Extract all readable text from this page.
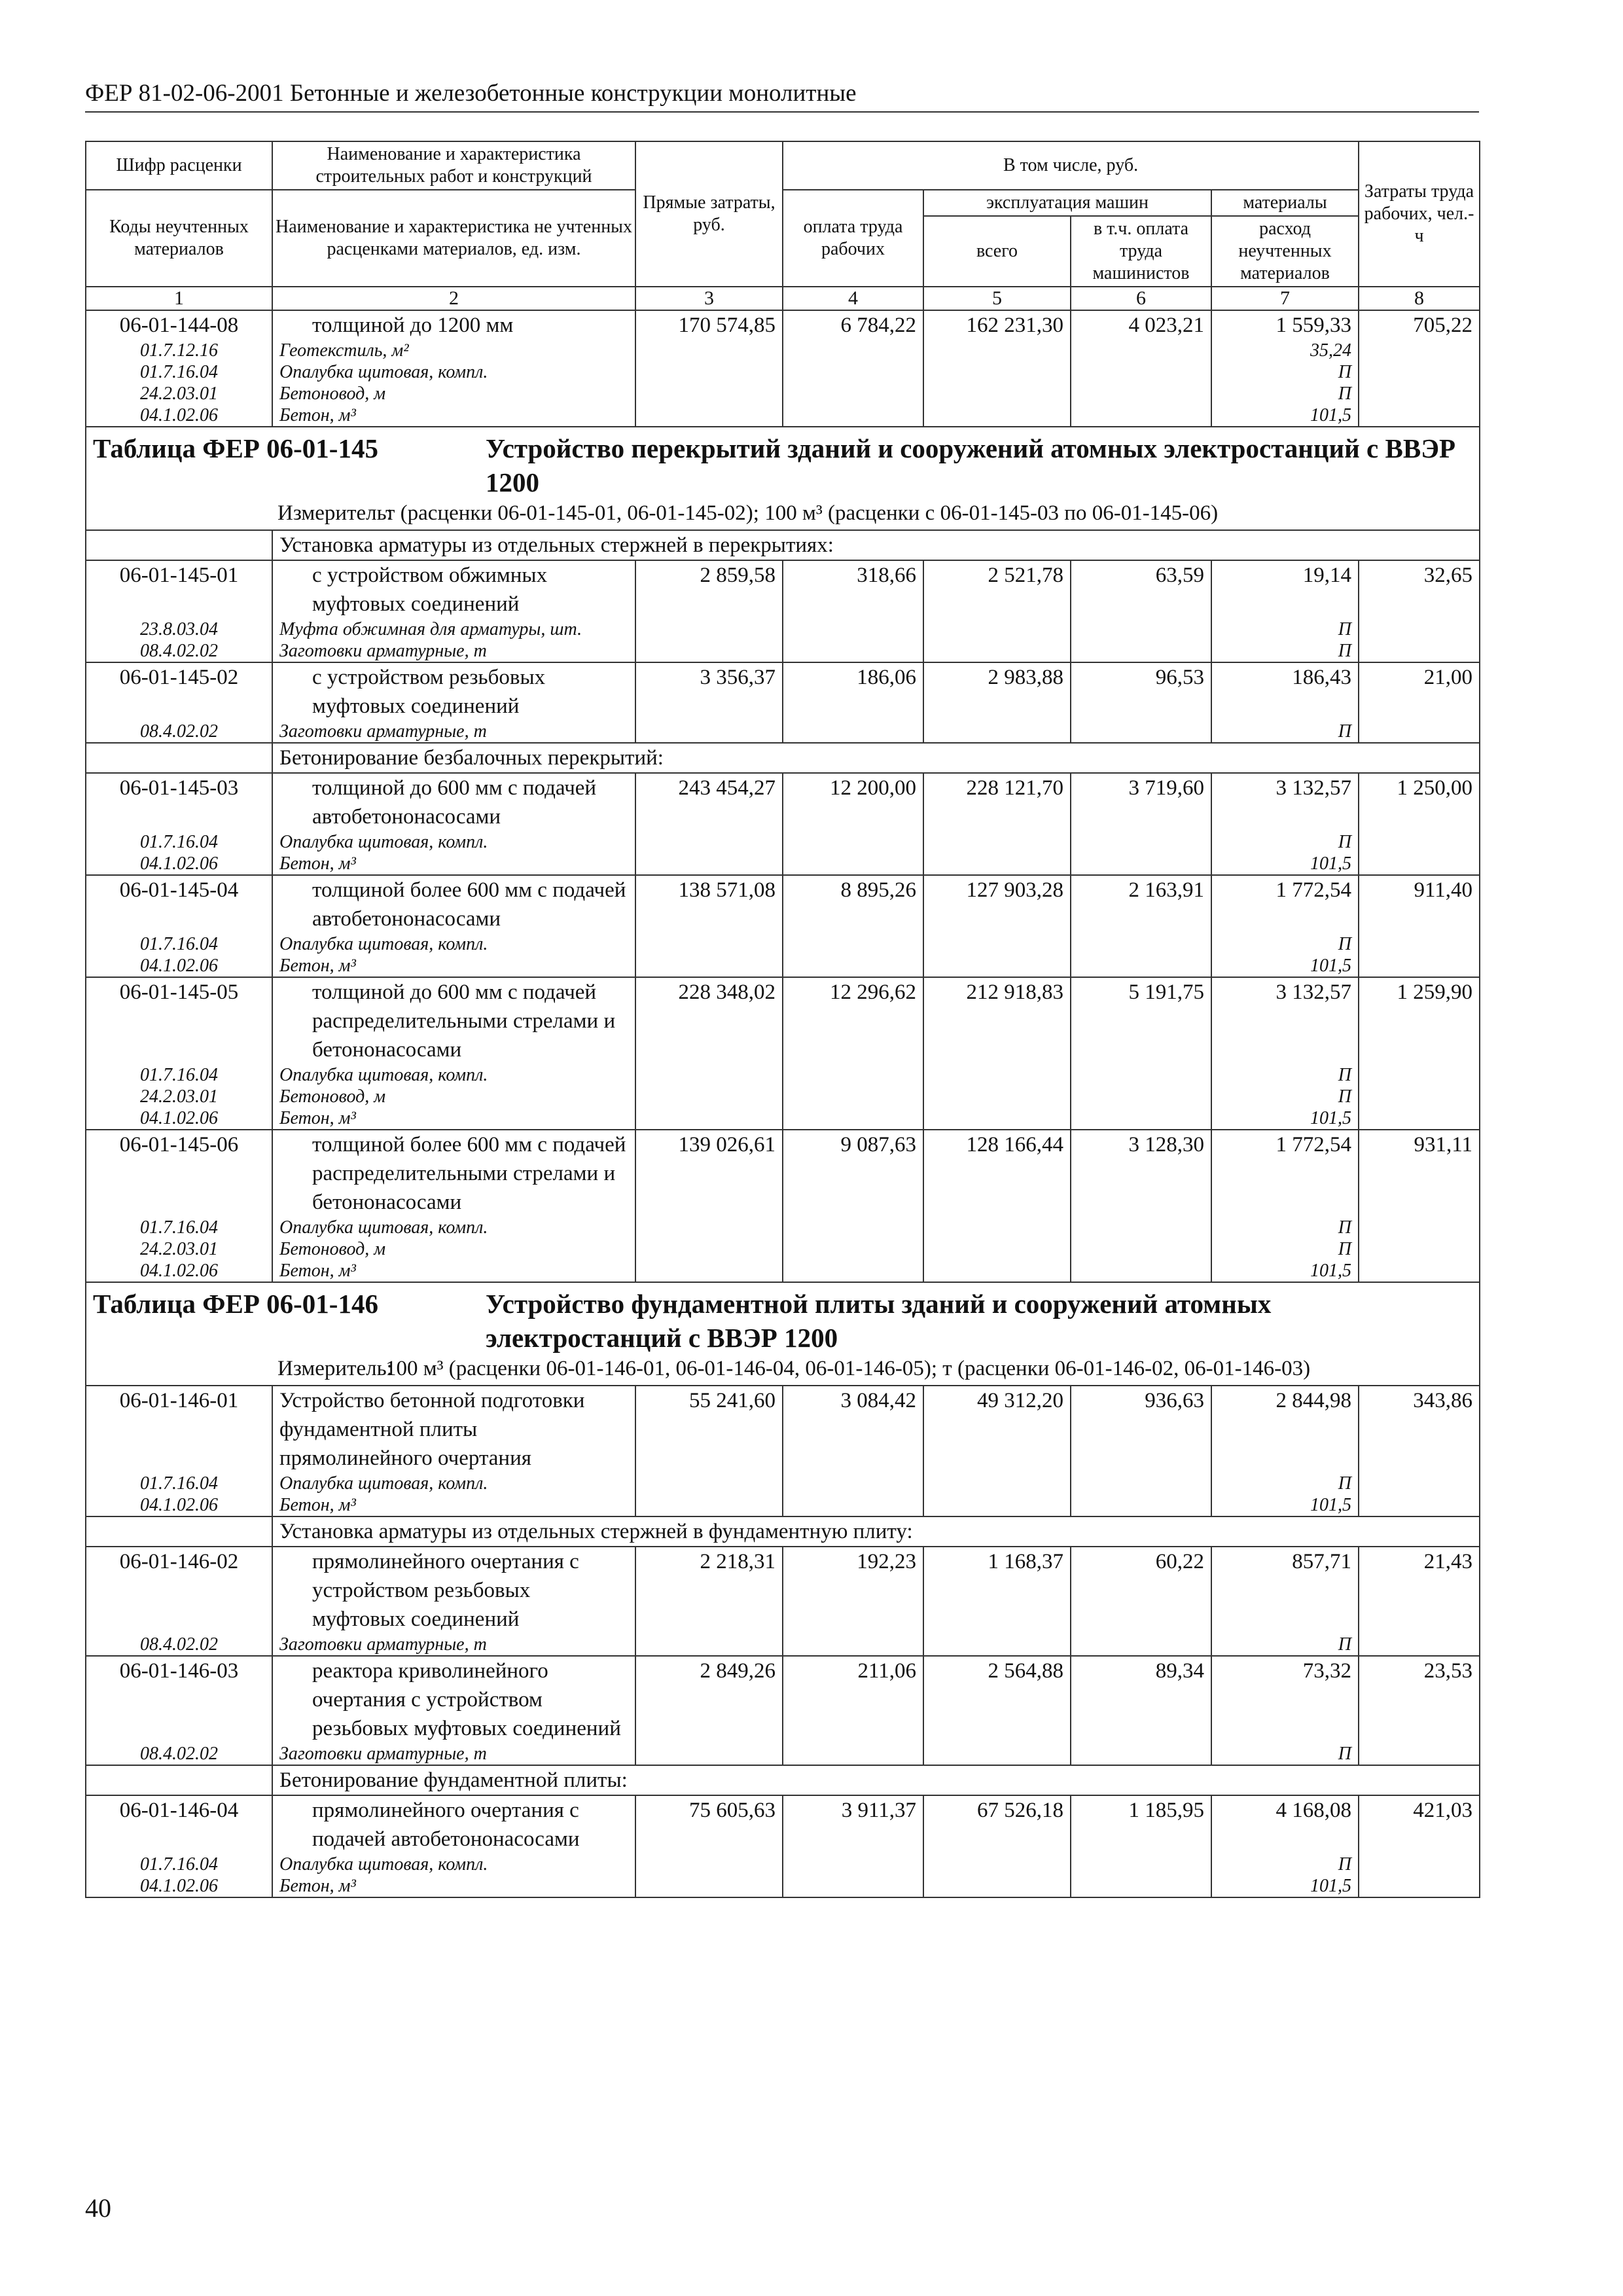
ФЕР 81-02-06-2001 Бетонные и железобетонные конструкции монолитные
Шифр расценки	Наименование и характеристика строительных работ и конструкций	Прямые затраты, руб.	В том числе, руб.				Затраты труда рабочих, чел.-ч
Коды неучтенных материалов	Наименование и характеристика не учтенных расценками материалов, ед. изм.		оплата труда рабочих	эксплуатация машин		материалы	
				всего	в т.ч. оплата труда машинистов	расход неучтенных материалов	
1	2	3	4	5	6	7	8
06-01-144-08	толщиной до 1200 мм	170 574,85	6 784,22	162 231,30	4 023,21	1 559,33	705,22
01.7.12.16	Геотекстиль, м²					35,24	
01.7.16.04	Опалубка щитовая, компл.					П	
24.2.03.01	Бетоновод, м					П	
04.1.02.06	Бетон, м³					101,5	

Таблица ФЕР 06-01-145 Устройство перекрытий зданий и сооружений атомных электростанций с ВВЭР 1200
Измеритель:
т (расценки 06-01-145-01, 06-01-145-02); 100 м³ (расценки с 06-01-145-03 по 06-01-145-06)							

	Установка арматуры из отдельных стержней в перекрытиях:						
06-01-145-01	с устройством обжимных муфтовых соединений	2 859,58	318,66	2 521,78	63,59	19,14	32,65
23.8.03.04	Муфта обжимная для арматуры, шт.					П	
08.4.02.02	Заготовки арматурные, т					П	
06-01-145-02	с устройством резьбовых муфтовых соединений	3 356,37	186,06	2 983,88	96,53	186,43	21,00
08.4.02.02	Заготовки арматурные, т					П	
	Бетонирование безбалочных перекрытий:						
06-01-145-03	толщиной до 600 мм с подачей автобетононасосами	243 454,27	12 200,00	228 121,70	3 719,60	3 132,57	1 250,00
01.7.16.04	Опалубка щитовая, компл.					П	
04.1.02.06	Бетон, м³					101,5	
06-01-145-04	толщиной более 600 мм с подачей автобетононасосами	138 571,08	8 895,26	127 903,28	2 163,91	1 772,54	911,40
01.7.16.04	Опалубка щитовая, компл.					П	
04.1.02.06	Бетон, м³					101,5	
06-01-145-05	толщиной до 600 мм с подачей распределительными стрелами и бетононасосами	228 348,02	12 296,62	212 918,83	5 191,75	3 132,57	1 259,90
01.7.16.04	Опалубка щитовая, компл.					П	
24.2.03.01	Бетоновод, м					П	
04.1.02.06	Бетон, м³					101,5	
06-01-145-06	толщиной более 600 мм с подачей распределительными стрелами и бетононасосами	139 026,61	9 087,63	128 166,44	3 128,30	1 772,54	931,11
01.7.16.04	Опалубка щитовая, компл.					П	
24.2.03.01	Бетоновод, м					П	
04.1.02.06	Бетон, м³					101,5	

Таблица ФЕР 06-01-146 Устройство фундаментной плиты зданий и сооружений атомных электростанций с ВВЭР 1200
Измеритель:
100 м³ (расценки 06-01-146-01, 06-01-146-04, 06-01-146-05); т (расценки 06-01-146-02, 06-01-146-03)							

06-01-146-01	Устройство бетонной подготовки фундаментной плиты прямолинейного очертания	55 241,60	3 084,42	49 312,20	936,63	2 844,98	343,86
01.7.16.04	Опалубка щитовая, компл.					П	
04.1.02.06	Бетон, м³					101,5	
	Установка арматуры из отдельных стержней в фундаментную плиту:						
06-01-146-02	прямолинейного очертания с устройством резьбовых муфтовых соединений	2 218,31	192,23	1 168,37	60,22	857,71	21,43
08.4.02.02	Заготовки арматурные, т					П	
06-01-146-03	реактора криволинейного очертания с устройством резьбовых муфтовых соединений	2 849,26	211,06	2 564,88	89,34	73,32	23,53
08.4.02.02	Заготовки арматурные, т					П	
	Бетонирование фундаментной плиты:						
06-01-146-04	прямолинейного очертания с подачей автобетононасосами	75 605,63	3 911,37	67 526,18	1 185,95	4 168,08	421,03
01.7.16.04	Опалубка щитовая, компл.					П	
04.1.02.06	Бетон, м³					101,5	
40
